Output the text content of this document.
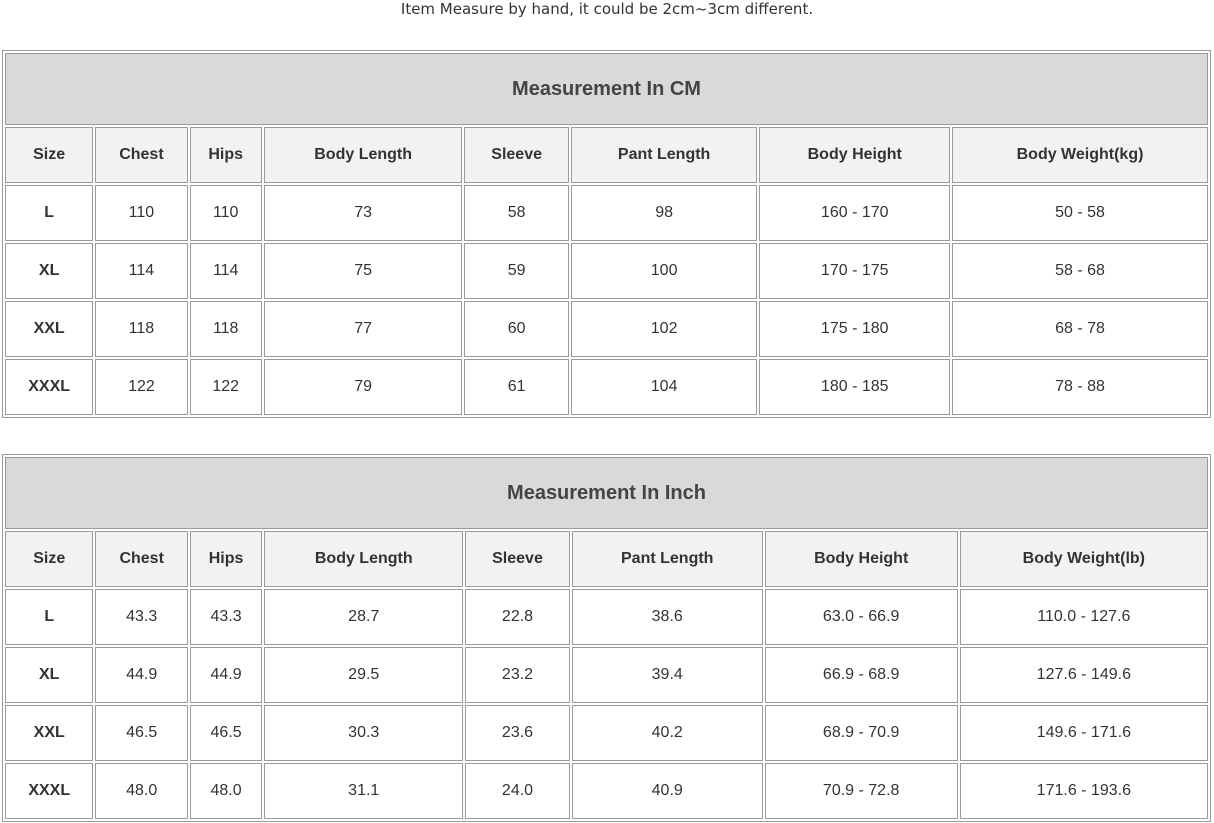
Item Measure by hand, it could be 2cm~3cm different.
Measurement In CM							
Size	Chest	Hips	Body Length	Sleeve	Pant Length	Body Height	Body Weight(kg)
L	110	110	73	58	98	160 - 170	50 - 58
XL	114	114	75	59	100	170 - 175	58 - 68
XXL	118	118	77	60	102	175 - 180	68 - 78
XXXL	122	122	79	61	104	180 - 185	78 - 88
Measurement In Inch							
Size	Chest	Hips	Body Length	Sleeve	Pant Length	Body Height	Body Weight(lb)
L	43.3	43.3	28.7	22.8	38.6	63.0 - 66.9	110.0 - 127.6
XL	44.9	44.9	29.5	23.2	39.4	66.9 - 68.9	127.6 - 149.6
XXL	46.5	46.5	30.3	23.6	40.2	68.9 - 70.9	149.6 - 171.6
XXXL	48.0	48.0	31.1	24.0	40.9	70.9 - 72.8	171.6 - 193.6
